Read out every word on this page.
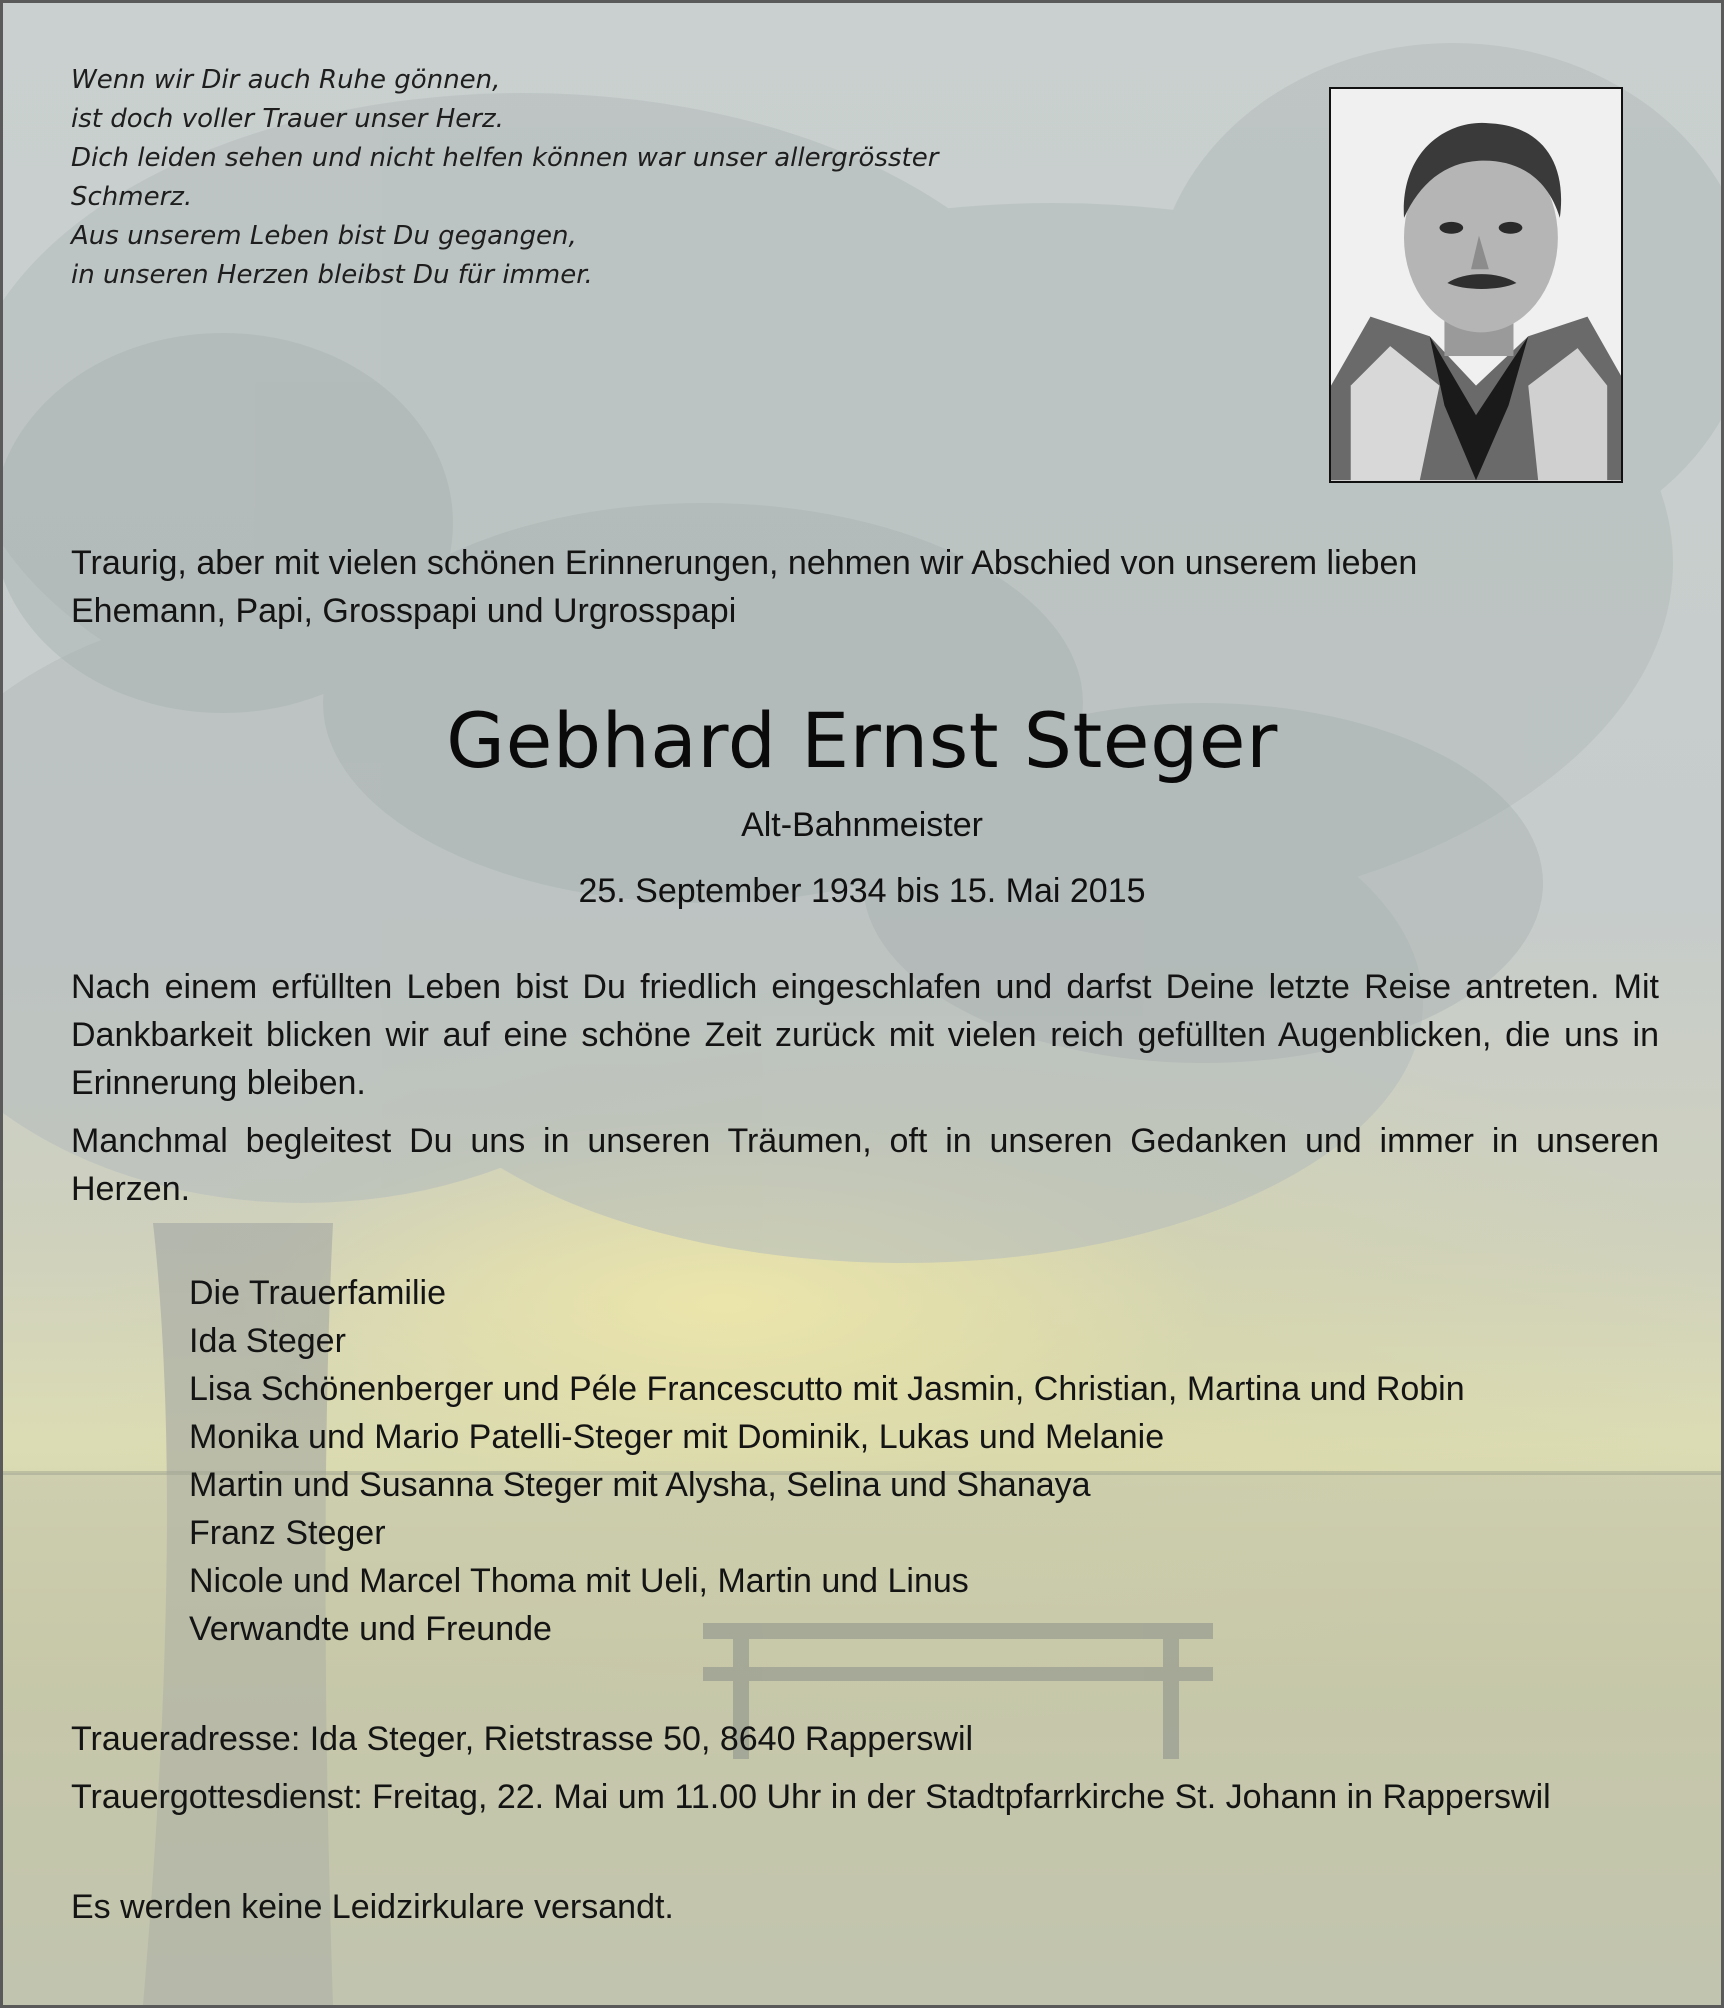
Wenn wir Dir auch Ruhe gönnen,
ist doch voller Trauer unser Herz.
Dich leiden sehen und nicht helfen können war unser allergrösster
Schmerz.
Aus unserem Leben bist Du gegangen,
in unseren Herzen bleibst Du für immer.
Traurig, aber mit vielen schönen Erinnerungen, nehmen wir Abschied von unserem lieben
Ehemann, Papi, Grosspapi und Urgrosspapi
Gebhard Ernst Steger
Alt-Bahnmeister
25. September 1934 bis 15. Mai 2015
Nach einem erfüllten Leben bist Du friedlich eingeschlafen und darfst Deine letzte Reise antreten. Mit Dankbarkeit blicken wir auf eine schöne Zeit zurück mit vielen reich gefüllten Augenblicken, die uns in Erinnerung bleiben.
Manchmal begleitest Du uns in unseren Träumen, oft in unseren Gedanken und immer in unseren Herzen.
Die Trauerfamilie
Ida Steger
Lisa Schönenberger und Péle Francescutto mit Jasmin, Christian, Martina und Robin
Monika und Mario Patelli-Steger mit Dominik, Lukas und Melanie
Martin und Susanna Steger mit Alysha, Selina und Shanaya
Franz Steger
Nicole und Marcel Thoma mit Ueli, Martin und Linus
Verwandte und Freunde
Traueradresse: Ida Steger, Rietstrasse 50, 8640 Rapperswil
Trauergottesdienst: Freitag, 22. Mai um 11.00 Uhr in der Stadtpfarrkirche St. Johann in Rapperswil
Es werden keine Leidzirkulare versandt.
